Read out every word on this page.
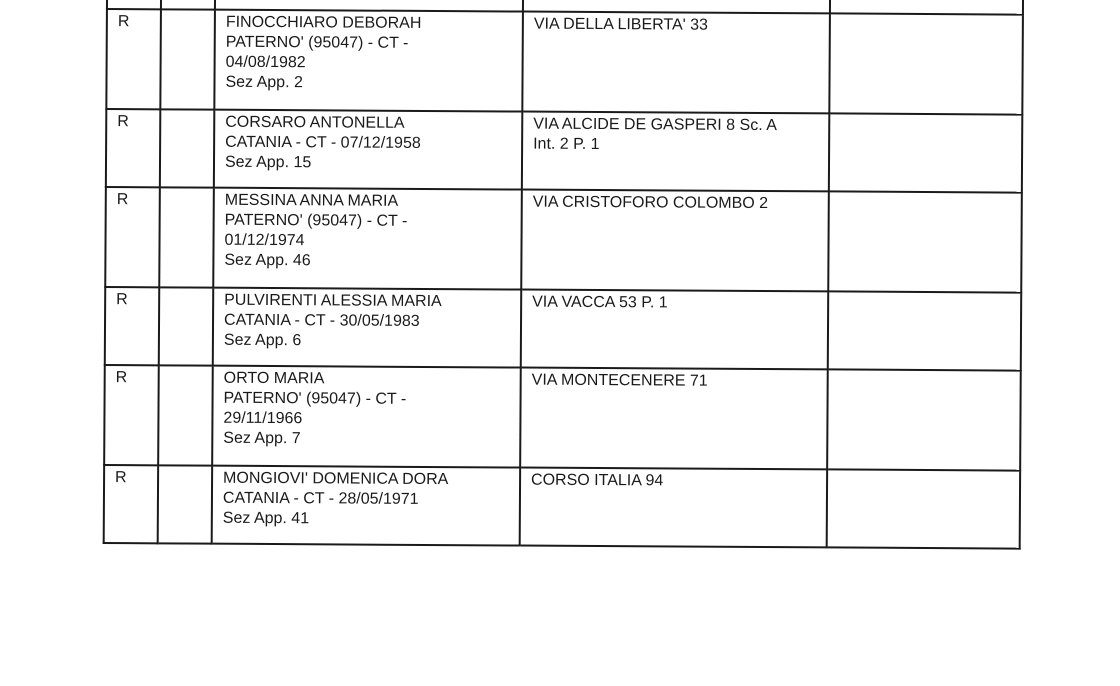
R		FINOCCHIARO DEBORAH
PATERNO' (95047) - CT -
04/08/1982
Sez App. 2	VIA DELLA LIBERTA' 33	

R		CORSARO ANTONELLA
CATANIA - CT - 07/12/1958
Sez App. 15	VIA ALCIDE DE GASPERI 8 Sc. A
Int. 2 P. 1	

R		MESSINA ANNA MARIA
PATERNO' (95047) - CT -
01/12/1974
Sez App. 46	VIA CRISTOFORO COLOMBO 2	

R		PULVIRENTI ALESSIA MARIA
CATANIA - CT - 30/05/1983
Sez App. 6	VIA VACCA 53 P. 1	

R		ORTO MARIA
PATERNO' (95047) - CT -
29/11/1966
Sez App. 7	VIA MONTECENERE 71	

R		MONGIOVI' DOMENICA DORA
CATANIA - CT - 28/05/1971
Sez App. 41	CORSO ITALIA 94	
